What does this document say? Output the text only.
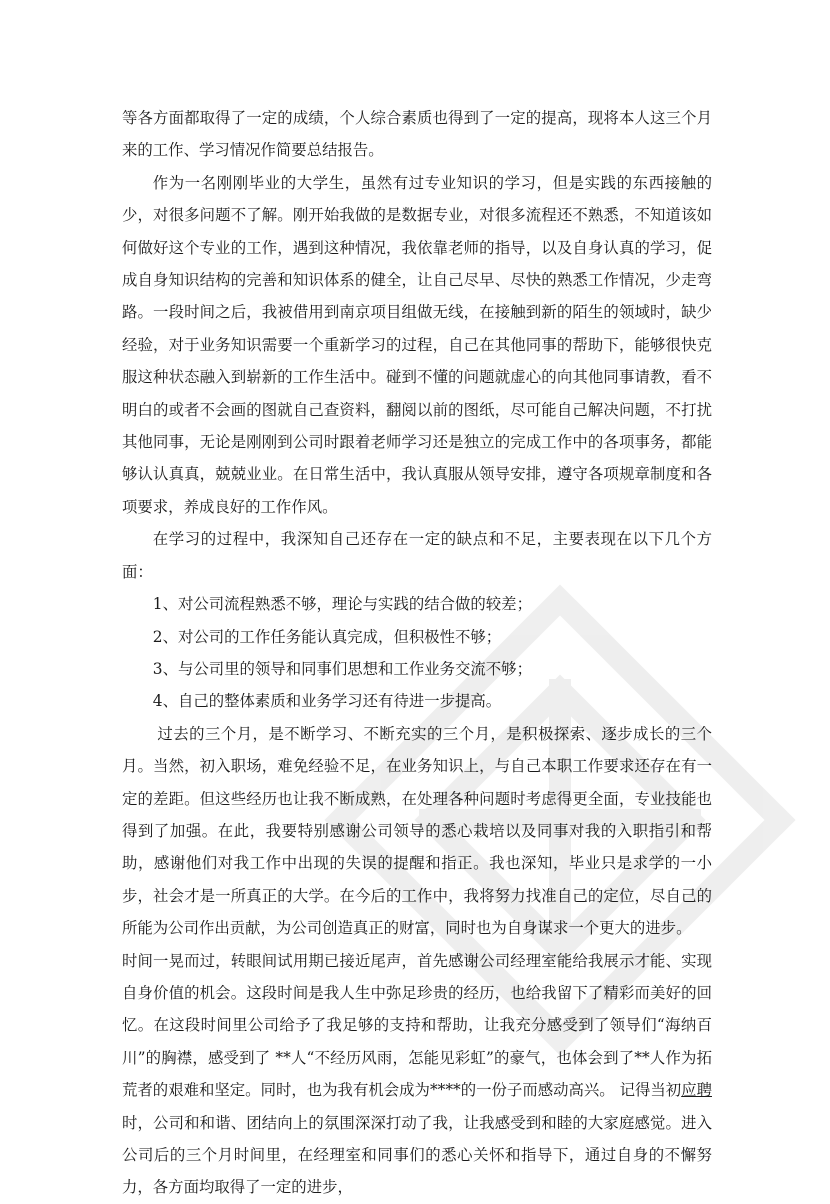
等各方面都取得了一定的成绩，个人综合素质也得到了一定的提高，现将本人这三个月来的工作、学习情况作简要总结报告。

作为一名刚刚毕业的大学生，虽然有过专业知识的学习，但是实践的东西接触的少，对很多问题不了解。刚开始我做的是数据专业，对很多流程还不熟悉，不知道该如何做好这个专业的工作，遇到这种情况，我依靠老师的指导，以及自身认真的学习，促成自身知识结构的完善和知识体系的健全，让自己尽早、尽快的熟悉工作情况，少走弯路。一段时间之后，我被借用到南京项目组做无线，在接触到新的陌生的领域时，缺少经验，对于业务知识需要一个重新学习的过程，自己在其他同事的帮助下，能够很快克服这种状态融入到崭新的工作生活中。碰到不懂的问题就虚心的向其他同事请教，看不明白的或者不会画的图就自己查资料，翻阅以前的图纸，尽可能自己解决问题，不打扰其他同事，无论是刚刚到公司时跟着老师学习还是独立的完成工作中的各项事务，都能够认认真真，兢兢业业。在日常生活中，我认真服从领导安排，遵守各项规章制度和各项要求，养成良好的工作作风。

在学习的过程中，我深知自己还存在一定的缺点和不足，主要表现在以下几个方面：

1、对公司流程熟悉不够，理论与实践的结合做的较差；

2、对公司的工作任务能认真完成，但积极性不够；

3、与公司里的领导和同事们思想和工作业务交流不够；

4、自己的整体素质和业务学习还有待进一步提高。

过去的三个月，是不断学习、不断充实的三个月，是积极探索、逐步成长的三个月。当然，初入职场，难免经验不足，在业务知识上，与自己本职工作要求还存在有一定的差距。但这些经历也让我不断成熟，在处理各种问题时考虑得更全面，专业技能也得到了加强。在此，我要特别感谢公司领导的悉心栽培以及同事对我的入职指引和帮助，感谢他们对我工作中出现的失误的提醒和指正。我也深知，毕业只是求学的一小步，社会才是一所真正的大学。在今后的工作中，我将努力找准自己的定位，尽自己的所能为公司作出贡献，为公司创造真正的财富，同时也为自身谋求一个更大的进步。

时间一晃而过，转眼间试用期已接近尾声，首先感谢公司经理室能给我展示才能、实现自身价值的机会。这段时间是我人生中弥足珍贵的经历，也给我留下了精彩而美好的回忆。在这段时间里公司给予了我足够的支持和帮助，让我充分感受到了领导们“海纳百川”的胸襟，感受到了 **人“不经历风雨，怎能见彩虹”的豪气，也体会到了**人作为拓荒者的艰难和坚定。同时，也为我有机会成为****的一份子而感动高兴。 记得当初应聘时，公司和和谐、团结向上的氛围深深打动了我，让我感受到和睦的大家庭感觉。进入公司后的三个月时间里，在经理室和同事们的悉心关怀和指导下，通过自身的不懈努力，各方面均取得了一定的进步，
